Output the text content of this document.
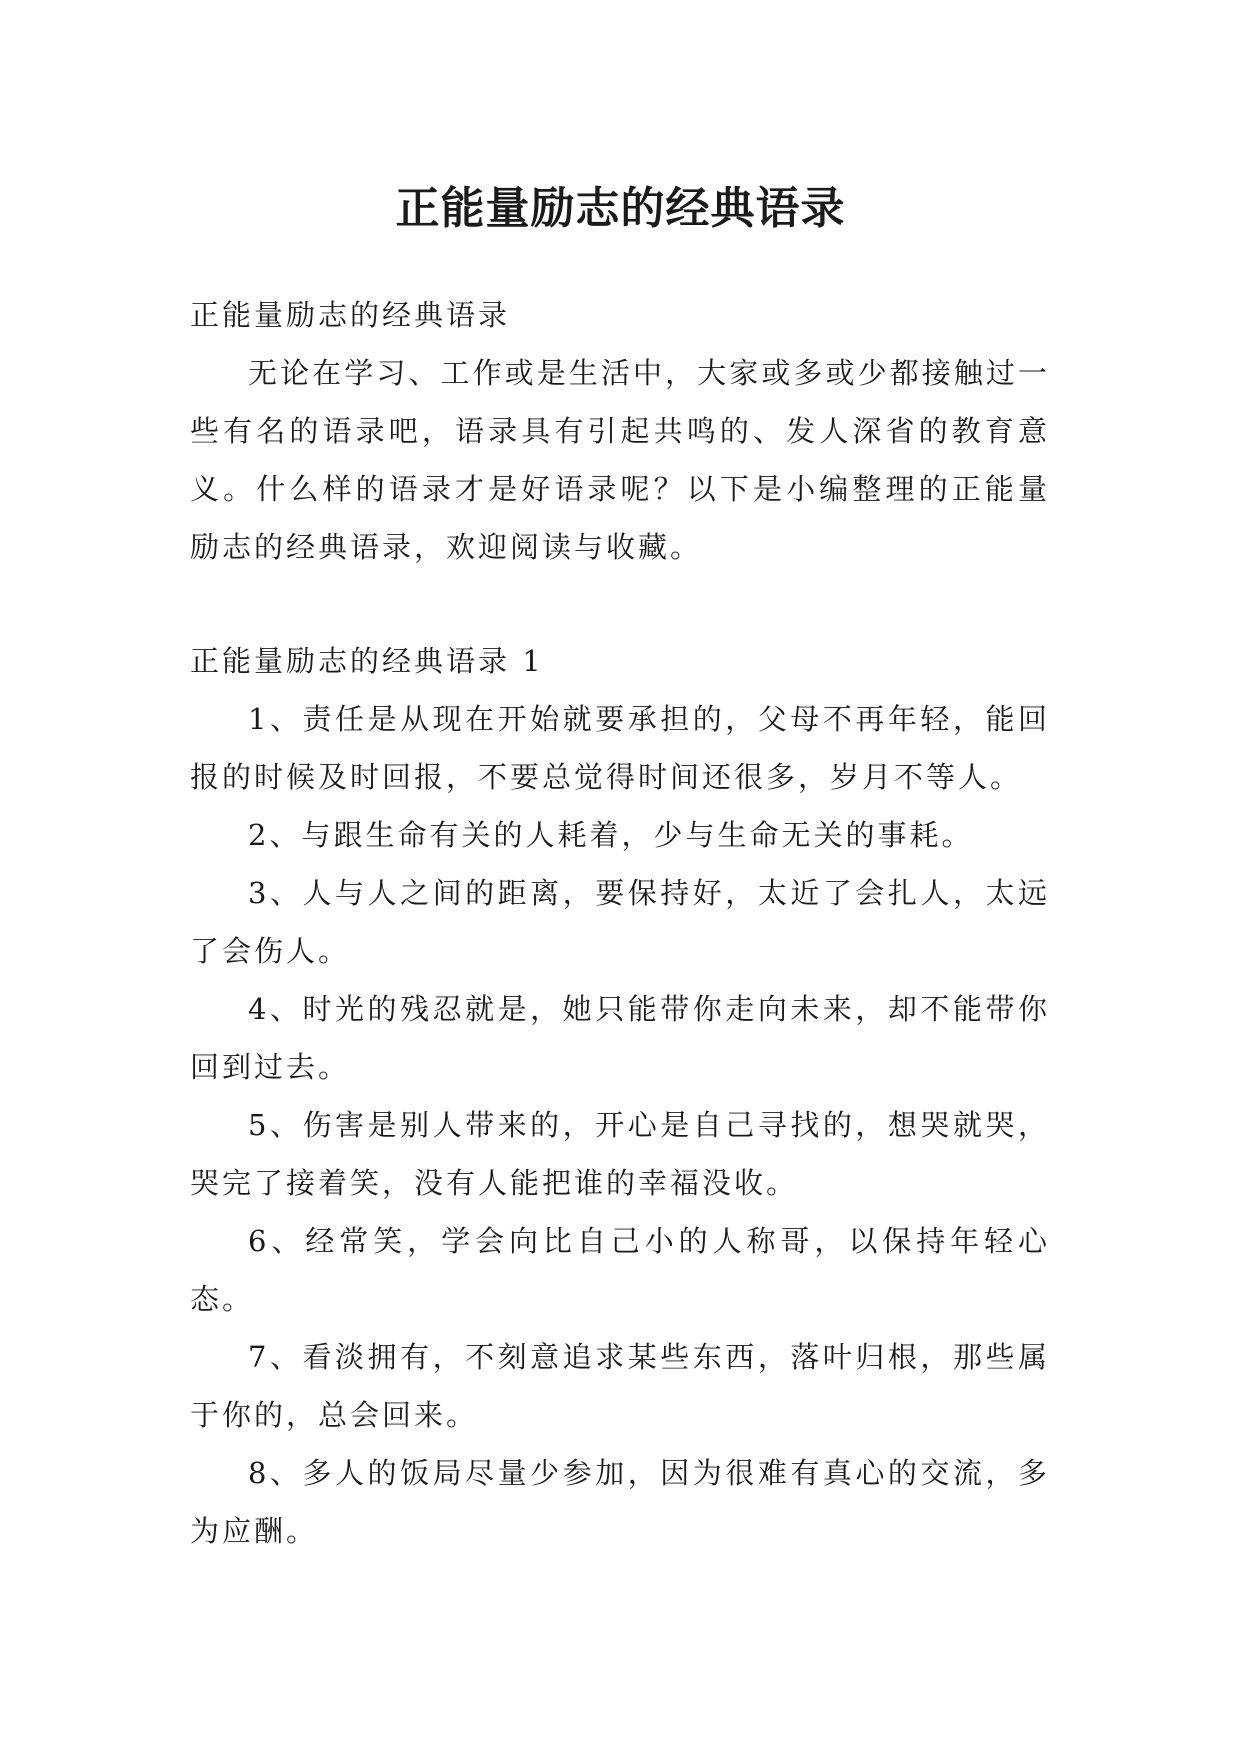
正能量励志的经典语录

正能量励志的经典语录

无论在学习、工作或是生活中，大家或多或少都接触过一些有名的语录吧，语录具有引起共鸣的、发人深省的教育意义。什么样的语录才是好语录呢？以下是小编整理的正能量励志的经典语录，欢迎阅读与收藏。

正能量励志的经典语录 1

1、责任是从现在开始就要承担的，父母不再年轻，能回报的时候及时回报，不要总觉得时间还很多，岁月不等人。

2、与跟生命有关的人耗着，少与生命无关的事耗。

3、人与人之间的距离，要保持好，太近了会扎人，太远了会伤人。

4、时光的残忍就是，她只能带你走向未来，却不能带你回到过去。

5、伤害是别人带来的，开心是自己寻找的，想哭就哭，哭完了接着笑，没有人能把谁的幸福没收。

6、经常笑，学会向比自己小的人称哥，以保持年轻心态。

7、看淡拥有，不刻意追求某些东西，落叶归根，那些属于你的，总会回来。

8、多人的饭局尽量少参加，因为很难有真心的交流，多为应酬。
